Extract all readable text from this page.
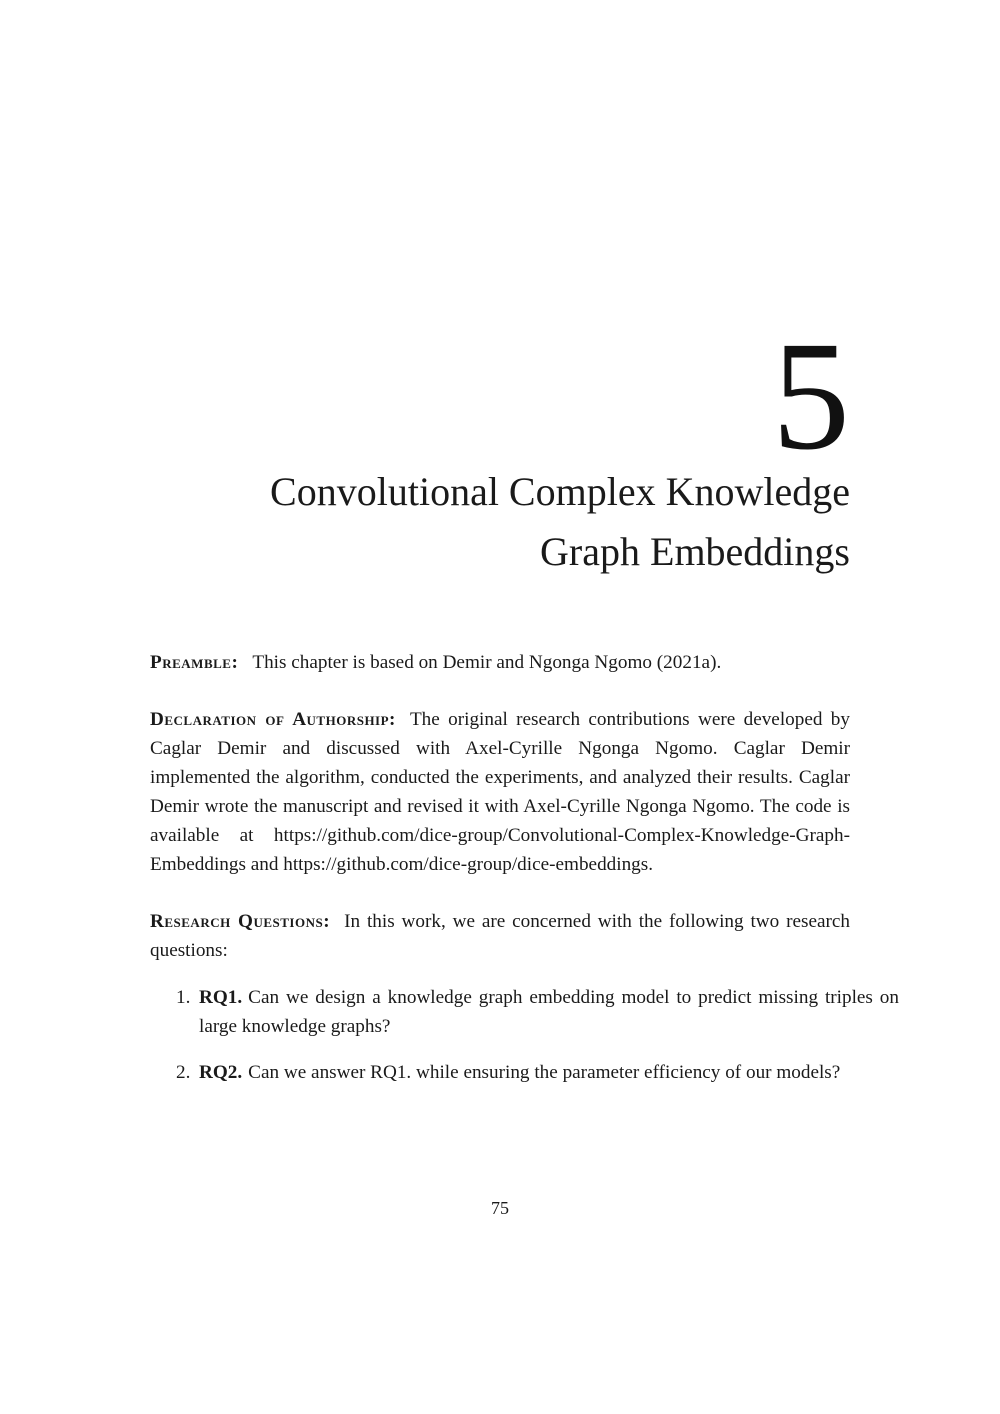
5
Convolutional Complex Knowledge
Graph Embeddings
Preamble: This chapter is based on Demir and Ngonga Ngomo (2021a).
Declaration of Authorship: The original research contributions were developed by Caglar Demir and discussed with Axel-Cyrille Ngonga Ngomo. Caglar Demir implemented the algorithm, conducted the experiments, and analyzed their results. Caglar Demir wrote the manuscript and revised it with Axel-Cyrille Ngonga Ngomo. The code is available at https://github.com/dice-group/Convolutional-Complex-Knowledge-Graph-Embeddings and https://github.com/dice-group/dice-embeddings.
Research Questions: In this work, we are concerned with the following two research questions:
1. RQ1. Can we design a knowledge graph embedding model to predict missing triples on large knowledge graphs?
2. RQ2. Can we answer RQ1. while ensuring the parameter efficiency of our models?
75
